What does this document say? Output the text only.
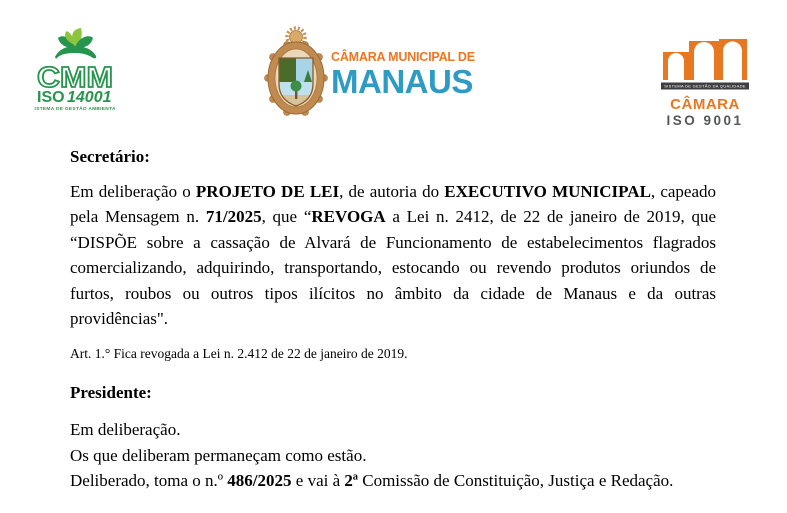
CMM
ISO 14001
SISTEMA DE GESTÃO AMBIENTAL
CÂMARA MUNICIPAL DE
MANAUS	SISTEMA DE GESTÃO DA QUALIDADE
CÂMARA
ISO 9001
Secretário:

Em deliberação o PROJETO DE LEI, de autoria do EXECUTIVO MUNICIPAL, capeado pela Mensagem n. 71/2025, que “REVOGA a Lei n. 2412, de 22 de janeiro de 2019, que “DISPÕE sobre a cassação de Alvará de Funcionamento de estabelecimentos flagrados comercializando, adquirindo, transportando, estocando ou revendo produtos oriundos de furtos, roubos ou outros tipos ilícitos no âmbito da cidade de Manaus e da outras providências".

Art. 1.° Fica revogada a Lei n. 2.412 de 22 de janeiro de 2019.

Presidente:

Em deliberação.

Os que deliberam permaneçam como estão.

Deliberado, toma o n.º 486/2025 e vai à 2ª Comissão de Constituição, Justiça e Redação.
